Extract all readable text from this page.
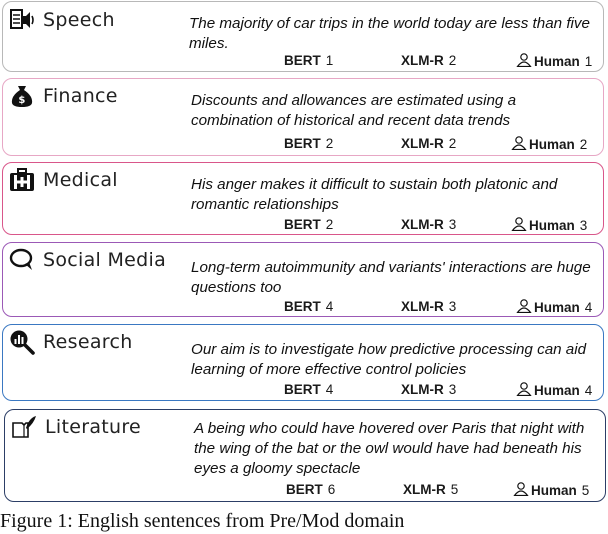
Speech	The majority of car trips in the world today are less than five miles.
BERT 1	XLM-R 2	Human 1
$ Finance	Discounts and allowances are estimated using a combination of historical and recent data trends
BERT 2	XLM-R 2	Human 2
Medical	His anger makes it difficult to sustain both platonic and romantic relationships
BERT 2	XLM-R 3	Human 3
Social Media Long-term autoimmunity and variants' interactions are huge questions too
BERT 4	XLM-R 3	Human 4
Research	Our aim is to investigate how predictive processing can aid learning of more effective control policies
BERT 4	XLM-R 3	Human 4
Literature	A being who could have hovered over Paris that night with the wing of the bat or the owl would have had beneath his eyes a gloomy spectacle
BERT 6	XLM-R 5	Human 5
Figure 1: English sentences from Pre/Mod domain
